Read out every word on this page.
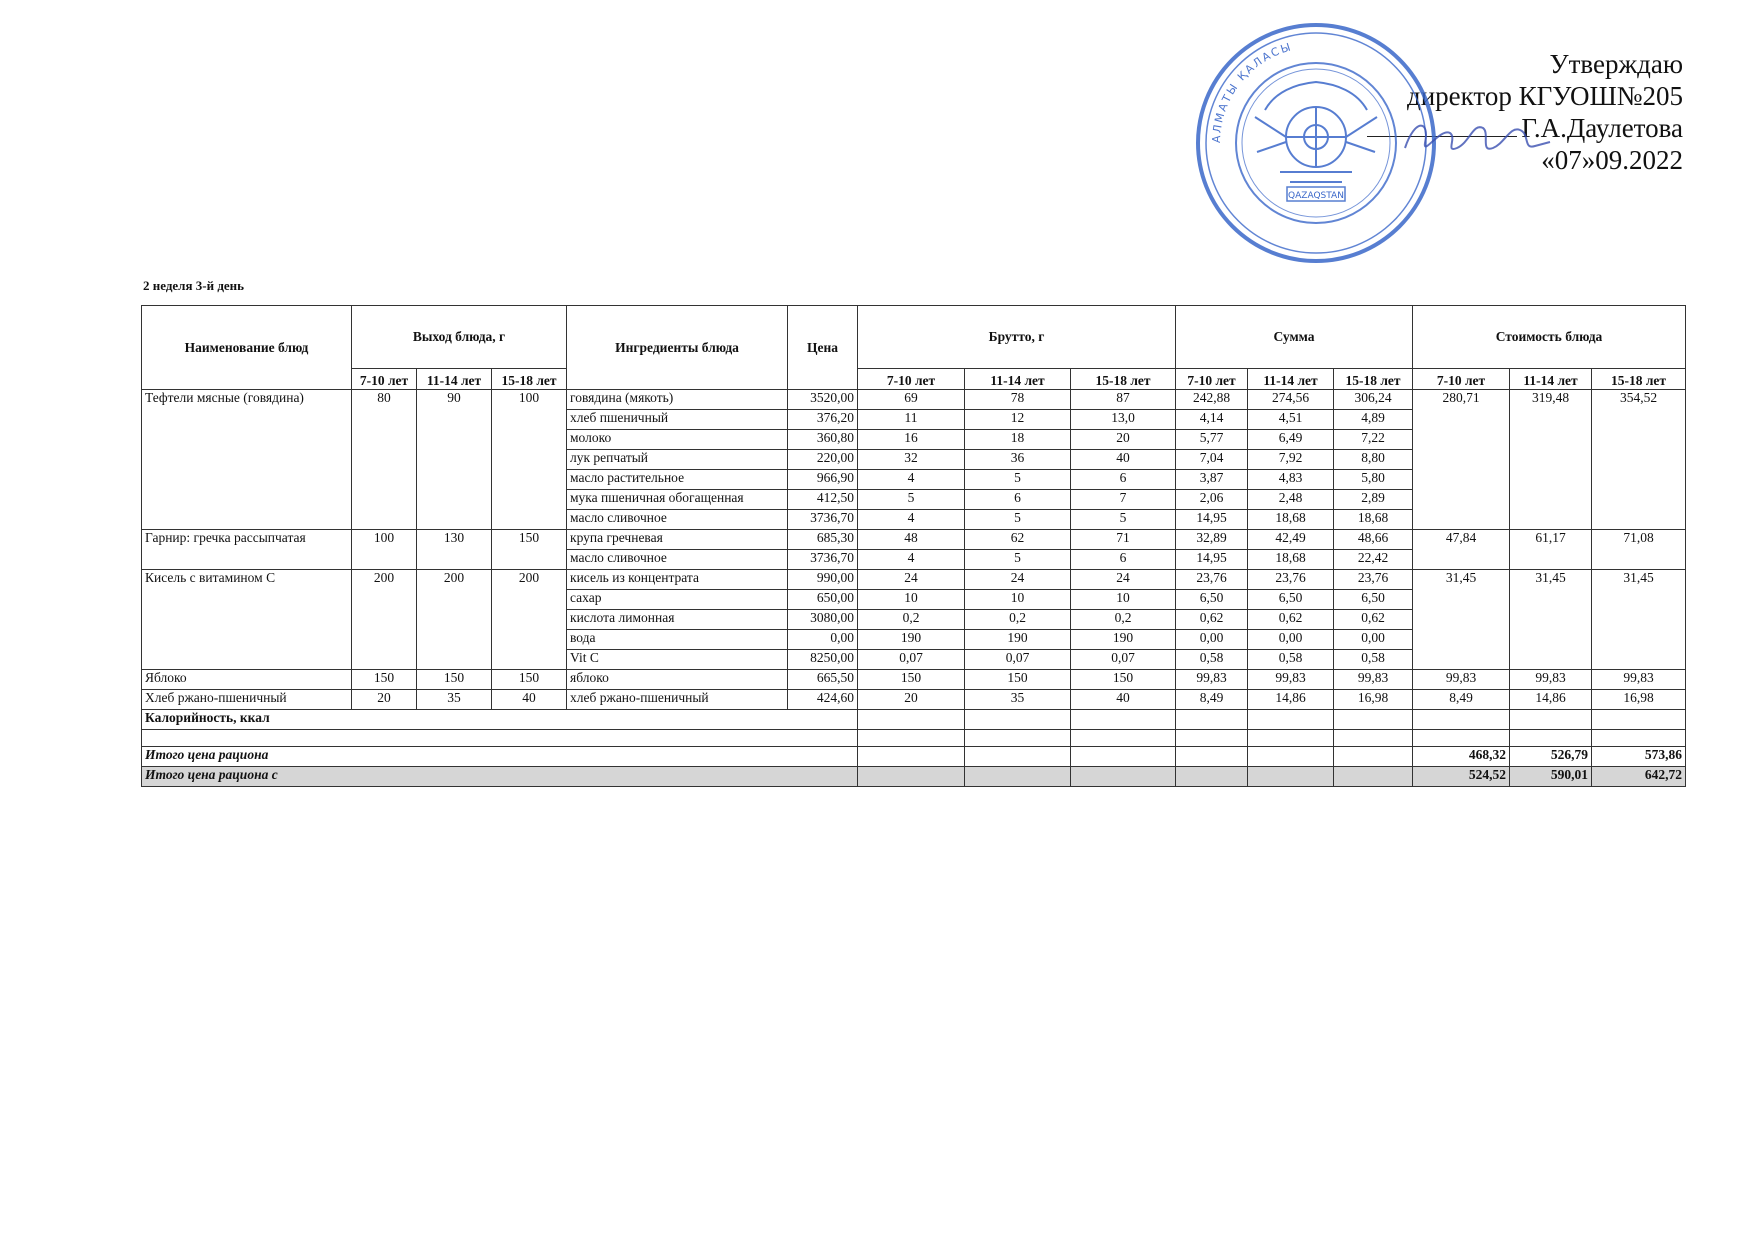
Утверждаю
директор КГУОШ№205
Г.А.Даулетова
«07»09.2022
АЛМАТЫ ҚАЛАСЫ
QAZAQSTAN
2 неделя 3-й день
Наименование блюд	Выход блюда, г			Ингредиенты блюда	Цена	Брутто, г			Сумма			Стоимость блюда		
	7-10 лет	11-14 лет	15-18 лет			7-10 лет	11-14 лет	15-18 лет	7-10 лет	11-14 лет	15-18 лет	7-10 лет	11-14 лет	15-18 лет
Тефтели мясные (говядина)	80	90	100	говядина (мякоть)	3520,00	69	78	87	242,88	274,56	306,24	280,71	319,48	354,52
				хлеб пшеничный	376,20	11	12	13,0	4,14	4,51	4,89			
				молоко	360,80	16	18	20	5,77	6,49	7,22			
				лук репчатый	220,00	32	36	40	7,04	7,92	8,80			
				масло растительное	966,90	4	5	6	3,87	4,83	5,80			
				мука пшеничная обогащенная	412,50	5	6	7	2,06	2,48	2,89			
				масло сливочное	3736,70	4	5	5	14,95	18,68	18,68			
Гарнир: гречка рассыпчатая	100	130	150	крупа гречневая	685,30	48	62	71	32,89	42,49	48,66	47,84	61,17	71,08
				масло сливочное	3736,70	4	5	6	14,95	18,68	22,42			
Кисель с витамином С	200	200	200	кисель из концентрата	990,00	24	24	24	23,76	23,76	23,76	31,45	31,45	31,45
				сахар	650,00	10	10	10	6,50	6,50	6,50			
				кислота лимонная	3080,00	0,2	0,2	0,2	0,62	0,62	0,62			
				вода	0,00	190	190	190	0,00	0,00	0,00			
				Vit C	8250,00	0,07	0,07	0,07	0,58	0,58	0,58			
Яблоко	150	150	150	яблоко	665,50	150	150	150	99,83	99,83	99,83	99,83	99,83	99,83
Хлеб ржано-пшеничный	20	35	40	хлеб ржано-пшеничный	424,60	20	35	40	8,49	14,86	16,98	8,49	14,86	16,98
Калорийность, ккал														

Итого цена рациона												468,32	526,79	573,86
Итого цена рациона с												524,52	590,01	642,72
